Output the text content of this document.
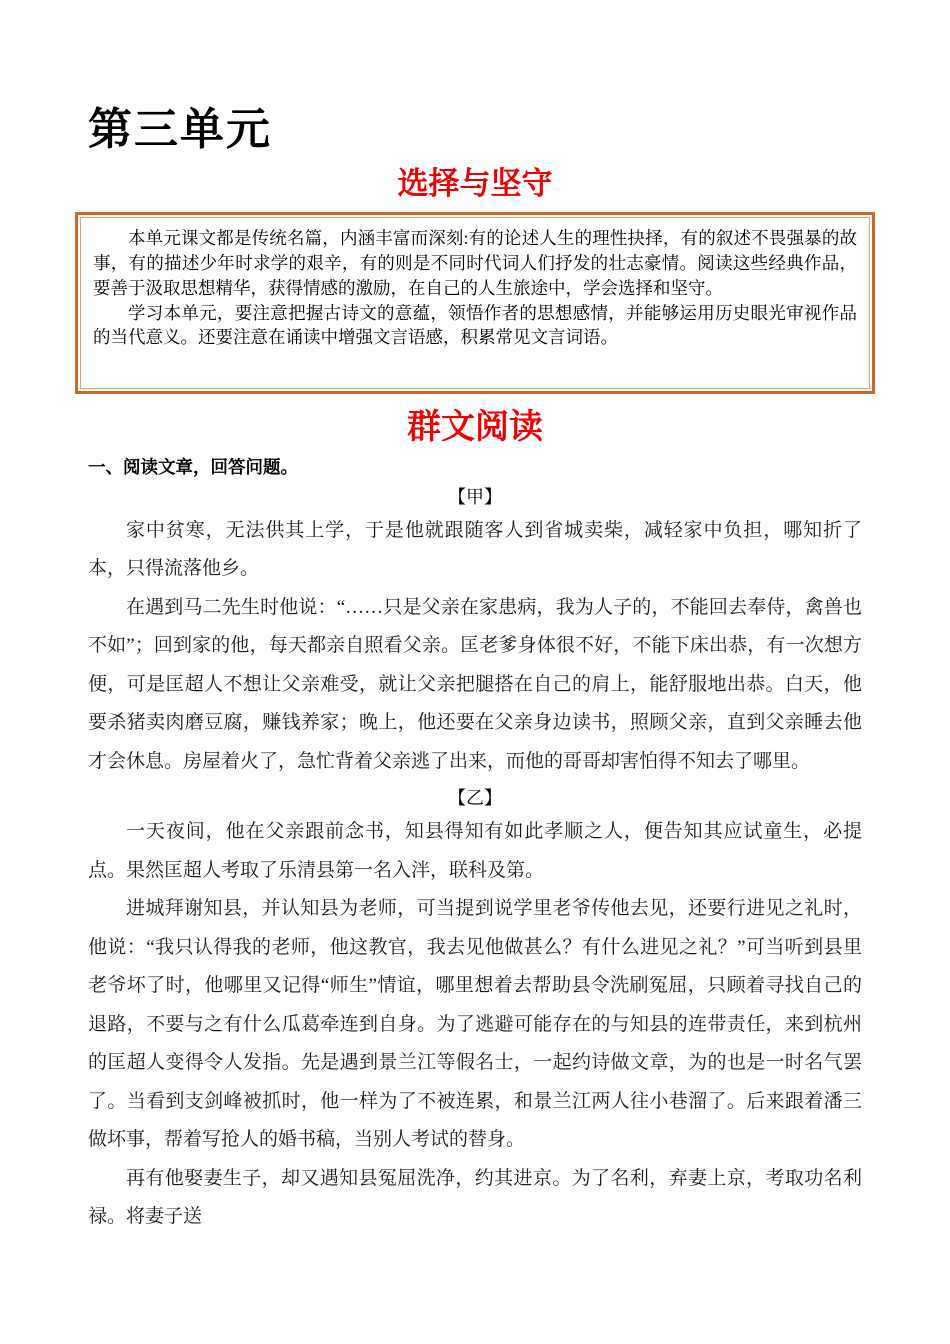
第三单元
选择与坚守

本单元课文都是传统名篇，内涵丰富而深刻:有的论述人生的理性抉择，有的叙述不畏强暴的故事，有的描述少年时求学的艰辛，有的则是不同时代词人们抒发的壮志豪情。阅读这些经典作品，要善于汲取思想精华，获得情感的激励，在自己的人生旅途中，学会选择和坚守。

学习本单元，要注意把握古诗文的意蕴，领悟作者的思想感情，并能够运用历史眼光审视作品的当代意义。还要注意在诵读中增强文言语感，积累常见文言词语。

群文阅读
一、阅读文章，回答问题。
【甲】

家中贫寒，无法供其上学，于是他就跟随客人到省城卖柴，减轻家中负担，哪知折了本，只得流落他乡。

在遇到马二先生时他说：“……只是父亲在家患病，我为人子的，不能回去奉侍，禽兽也不如”；回到家的他，每天都亲自照看父亲。匡老爹身体很不好，不能下床出恭，有一次想方便，可是匡超人不想让父亲难受，就让父亲把腿搭在自己的肩上，能舒服地出恭。白天，他要杀猪卖肉磨豆腐，赚钱养家；晚上，他还要在父亲身边读书，照顾父亲，直到父亲睡去他才会休息。房屋着火了，急忙背着父亲逃了出来，而他的哥哥却害怕得不知去了哪里。

【乙】

一天夜间，他在父亲跟前念书，知县得知有如此孝顺之人，便告知其应试童生，必提点。果然匡超人考取了乐清县第一名入泮，联科及第。

进城拜谢知县，并认知县为老师，可当提到说学里老爷传他去见，还要行进见之礼时，他说：“我只认得我的老师，他这教官，我去见他做甚么？有什么进见之礼？”可当听到县里老爷坏了时，他哪里又记得“师生”情谊，哪里想着去帮助县令洗刷冤屈，只顾着寻找自己的退路，不要与之有什么瓜葛牵连到自身。为了逃避可能存在的与知县的连带责任，来到杭州的匡超人变得令人发指。先是遇到景兰江等假名士，一起约诗做文章，为的也是一时名气罢了。当看到支剑峰被抓时，他一样为了不被连累，和景兰江两人往小巷溜了。后来跟着潘三做坏事，帮着写抢人的婚书稿，当别人考试的替身。

再有他娶妻生子，却又遇知县冤屈洗净，约其进京。为了名利，弃妻上京，考取功名利禄。将妻子送
